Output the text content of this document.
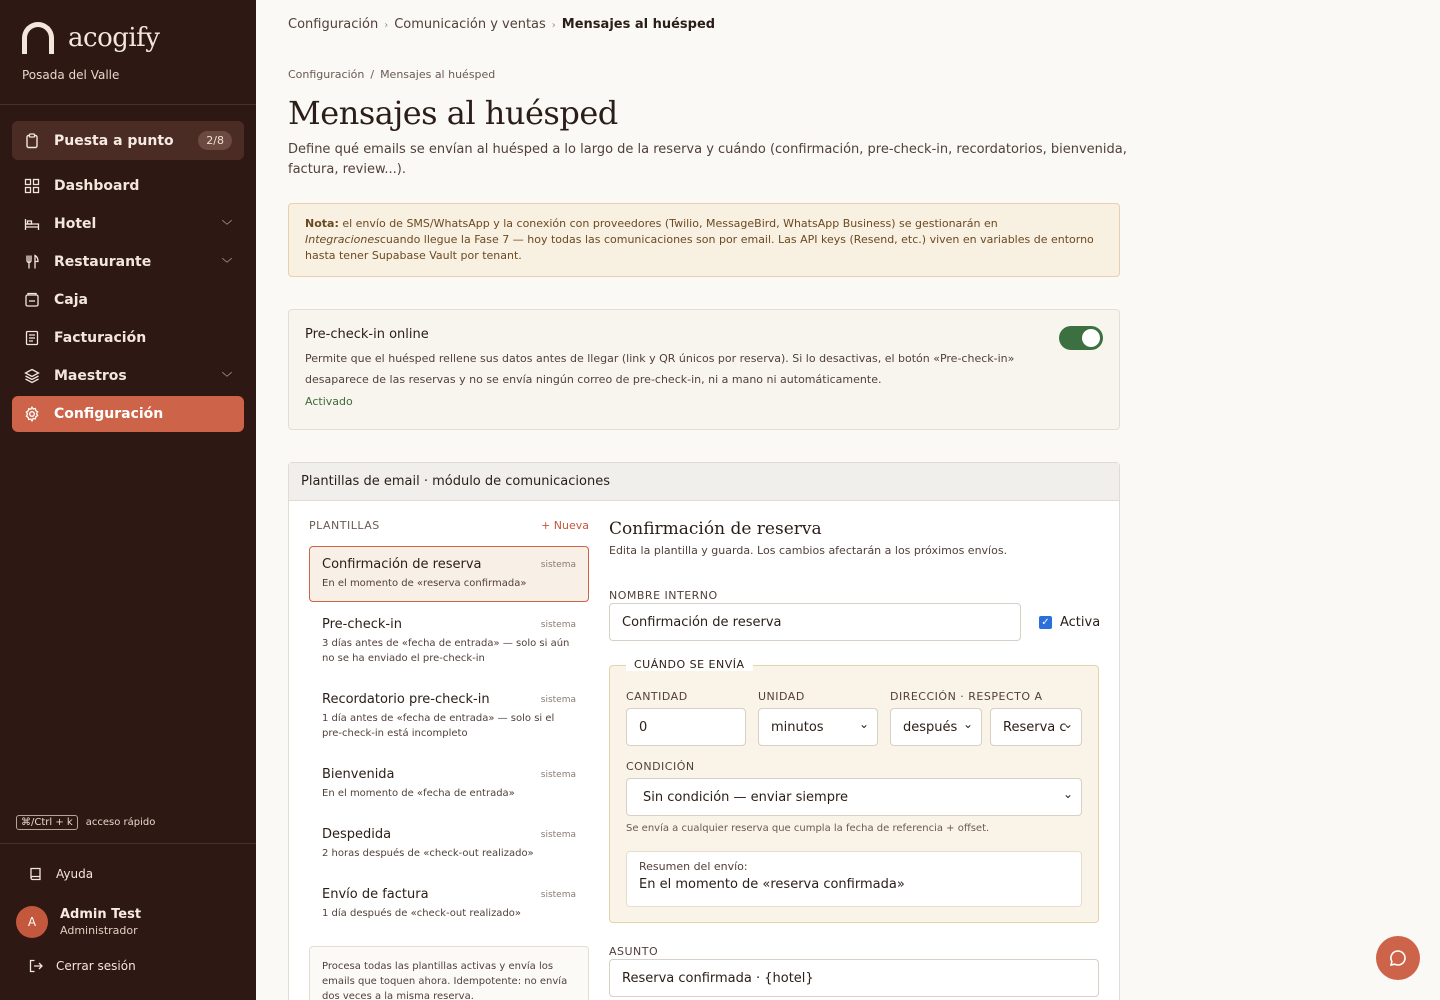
acogify
Posada del Valle
Puesta a punto	2/8
Dashboard
Hotel	﹀
Restaurante	﹀
Caja
Facturación
Maestros	﹀
Configuración
⌘/Ctrl + k	acceso rápido
Ayuda
A	Admin Test
Administrador
Cerrar sesión
Configuración › Comunicación y ventas › Mensajes al huésped
Configuración / Mensajes al huésped
Mensajes al huésped

Define qué emails se envían al huésped a lo largo de la reserva y cuándo (confirmación, pre-check-in, recordatorios, bienvenida, factura, review...).

Nota: el envío de SMS/WhatsApp y la conexión con proveedores (Twilio, MessageBird, WhatsApp Business) se gestionarán en Integracionescuando llegue la Fase 7 — hoy todas las comunicaciones son por email. Las API keys (Resend, etc.) viven en variables de entorno hasta tener Supabase Vault por tenant.
Pre-check-in online
Permite que el huésped rellene sus datos antes de llegar (link y QR únicos por reserva). Si lo desactivas, el botón «Pre-check-in» desaparece de las reservas y no se envía ningún correo de pre-check-in, ni a mano ni automáticamente.
Activado
Plantillas de email · módulo de comunicaciones
PLANTILLAS	+ Nueva
Confirmación de reserva	sistema
En el momento de «reserva confirmada»
Pre-check-in	sistema
3 días antes de «fecha de entrada» — solo si aún no se ha enviado el pre-check-in
Recordatorio pre-check-in	sistema
1 día antes de «fecha de entrada» — solo si el pre-check-in está incompleto
Bienvenida	sistema
En el momento de «fecha de entrada»
Despedida	sistema
2 horas después de «check-out realizado»
Envío de factura	sistema
1 día después de «check-out realizado»
Procesa todas las plantillas activas y envía los emails que toquen ahora. Idempotente: no envía dos veces a la misma reserva.
Confirmación de reserva
Edita la plantilla y guarda. Los cambios afectarán a los próximos envíos.
NOMBRE INTERNO
Confirmación de reserva	✓ Activa
CUÁNDO SE ENVÍA
CANTIDAD
0
UNIDAD
minutos ⌄
DIRECCIÓN · RESPECTO A
después ⌄	Reserva c ⌄
CONDICIÓN
Sin condición — enviar siempre ⌄
Se envía a cualquier reserva que cumpla la fecha de referencia + offset.
Resumen del envío:
En el momento de «reserva confirmada»
ASUNTO
Reserva confirmada · {hotel}
